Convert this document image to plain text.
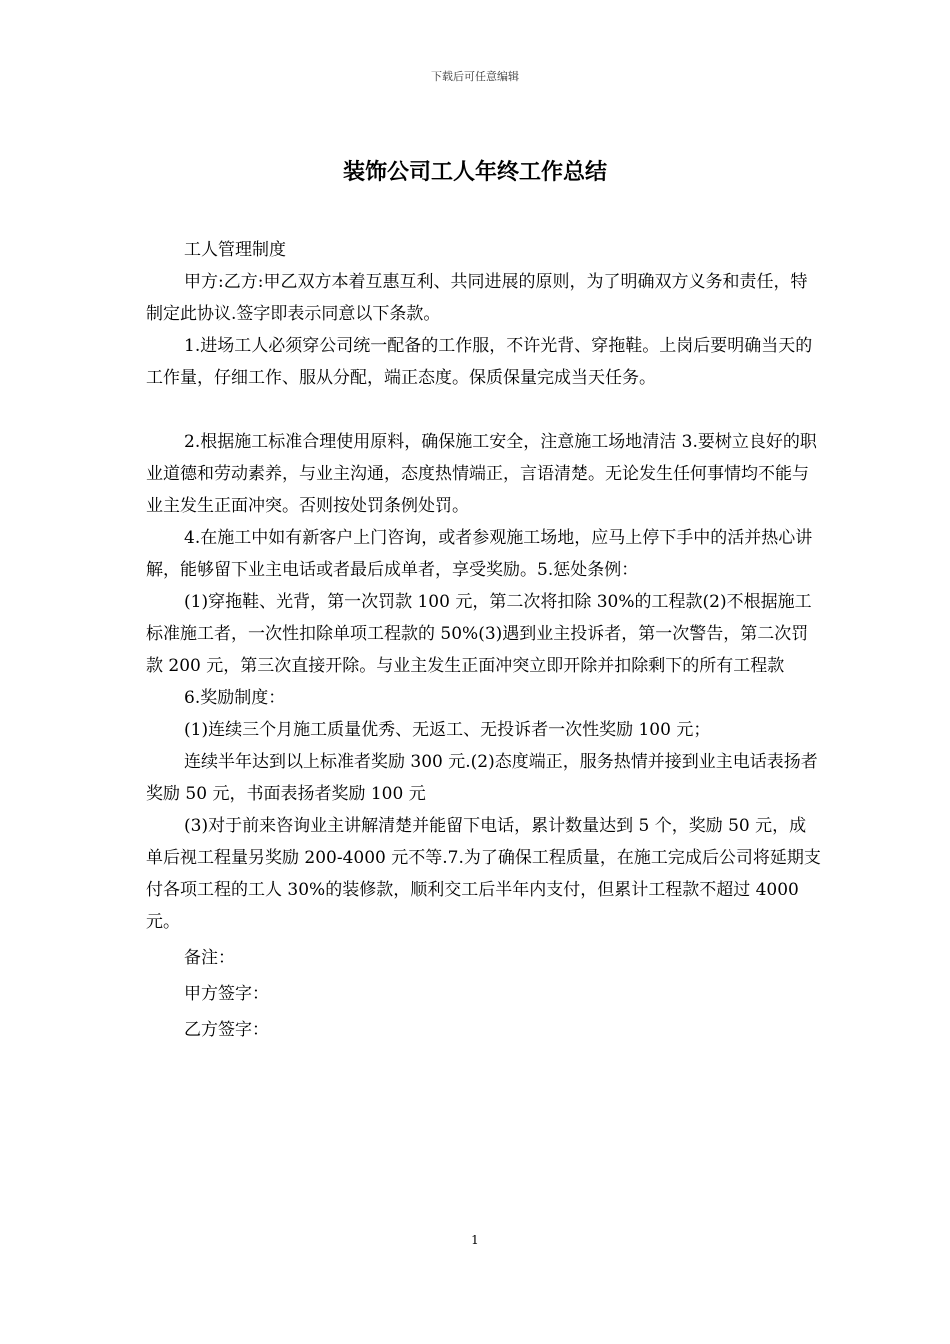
下载后可任意编辑
装饰公司工人年终工作总结

工人管理制度

甲方:乙方:甲乙双方本着互惠互利、共同进展的原则，为了明确双方义务和责任，特制定此协议.签字即表示同意以下条款。

1.进场工人必须穿公司统一配备的工作服，不许光背、穿拖鞋。上岗后要明确当天的工作量，仔细工作、服从分配，端正态度。保质保量完成当天任务。

2.根据施工标准合理使用原料，确保施工安全，注意施工场地清洁 3.要树立良好的职业道德和劳动素养，与业主沟通，态度热情端正，言语清楚。无论发生任何事情均不能与业主发生正面冲突。否则按处罚条例处罚。

4.在施工中如有新客户上门咨询，或者参观施工场地，应马上停下手中的活并热心讲解，能够留下业主电话或者最后成单者，享受奖励。5.惩处条例：

(1)穿拖鞋、光背，第一次罚款 100 元，第二次将扣除 30%的工程款(2)不根据施工标准施工者，一次性扣除单项工程款的 50%(3)遇到业主投诉者，第一次警告，第二次罚款 200 元，第三次直接开除。与业主发生正面冲突立即开除并扣除剩下的所有工程款

6.奖励制度：

(1)连续三个月施工质量优秀、无返工、无投诉者一次性奖励 100 元；

连续半年达到以上标准者奖励 300 元.(2)态度端正，服务热情并接到业主电话表扬者奖励 50 元，书面表扬者奖励 100 元

(3)对于前来咨询业主讲解清楚并能留下电话，累计数量达到 5 个，奖励 50 元，成单后视工程量另奖励 200-4000 元不等.7.为了确保工程质量，在施工完成后公司将延期支付各项工程的工人 30%的装修款，顺利交工后半年内支付，但累计工程款不超过 4000 元。

备注：

甲方签字：

乙方签字：

1
